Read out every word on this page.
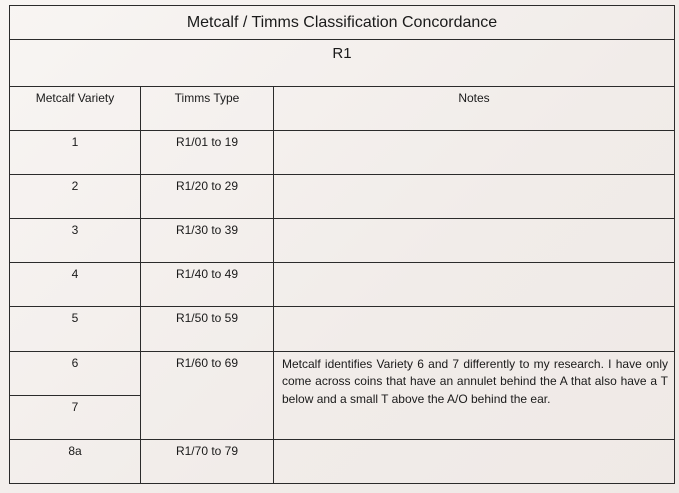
Metcalf / Timms Classification Concordance		

R1		

Metcalf Variety	Timms Type	Notes

1	R1/01 to 19	

2	R1/20 to 29	

3	R1/30 to 39	

4	R1/40 to 49	

5	R1/50 to 59	

6	R1/60 to 69	Metcalf identifies Variety 6 and 7 differently to my research. I have only come across coins that have an annulet behind the A that also have a T below and a small T above the A/O behind the ear.

7		

8a	R1/70 to 79	
